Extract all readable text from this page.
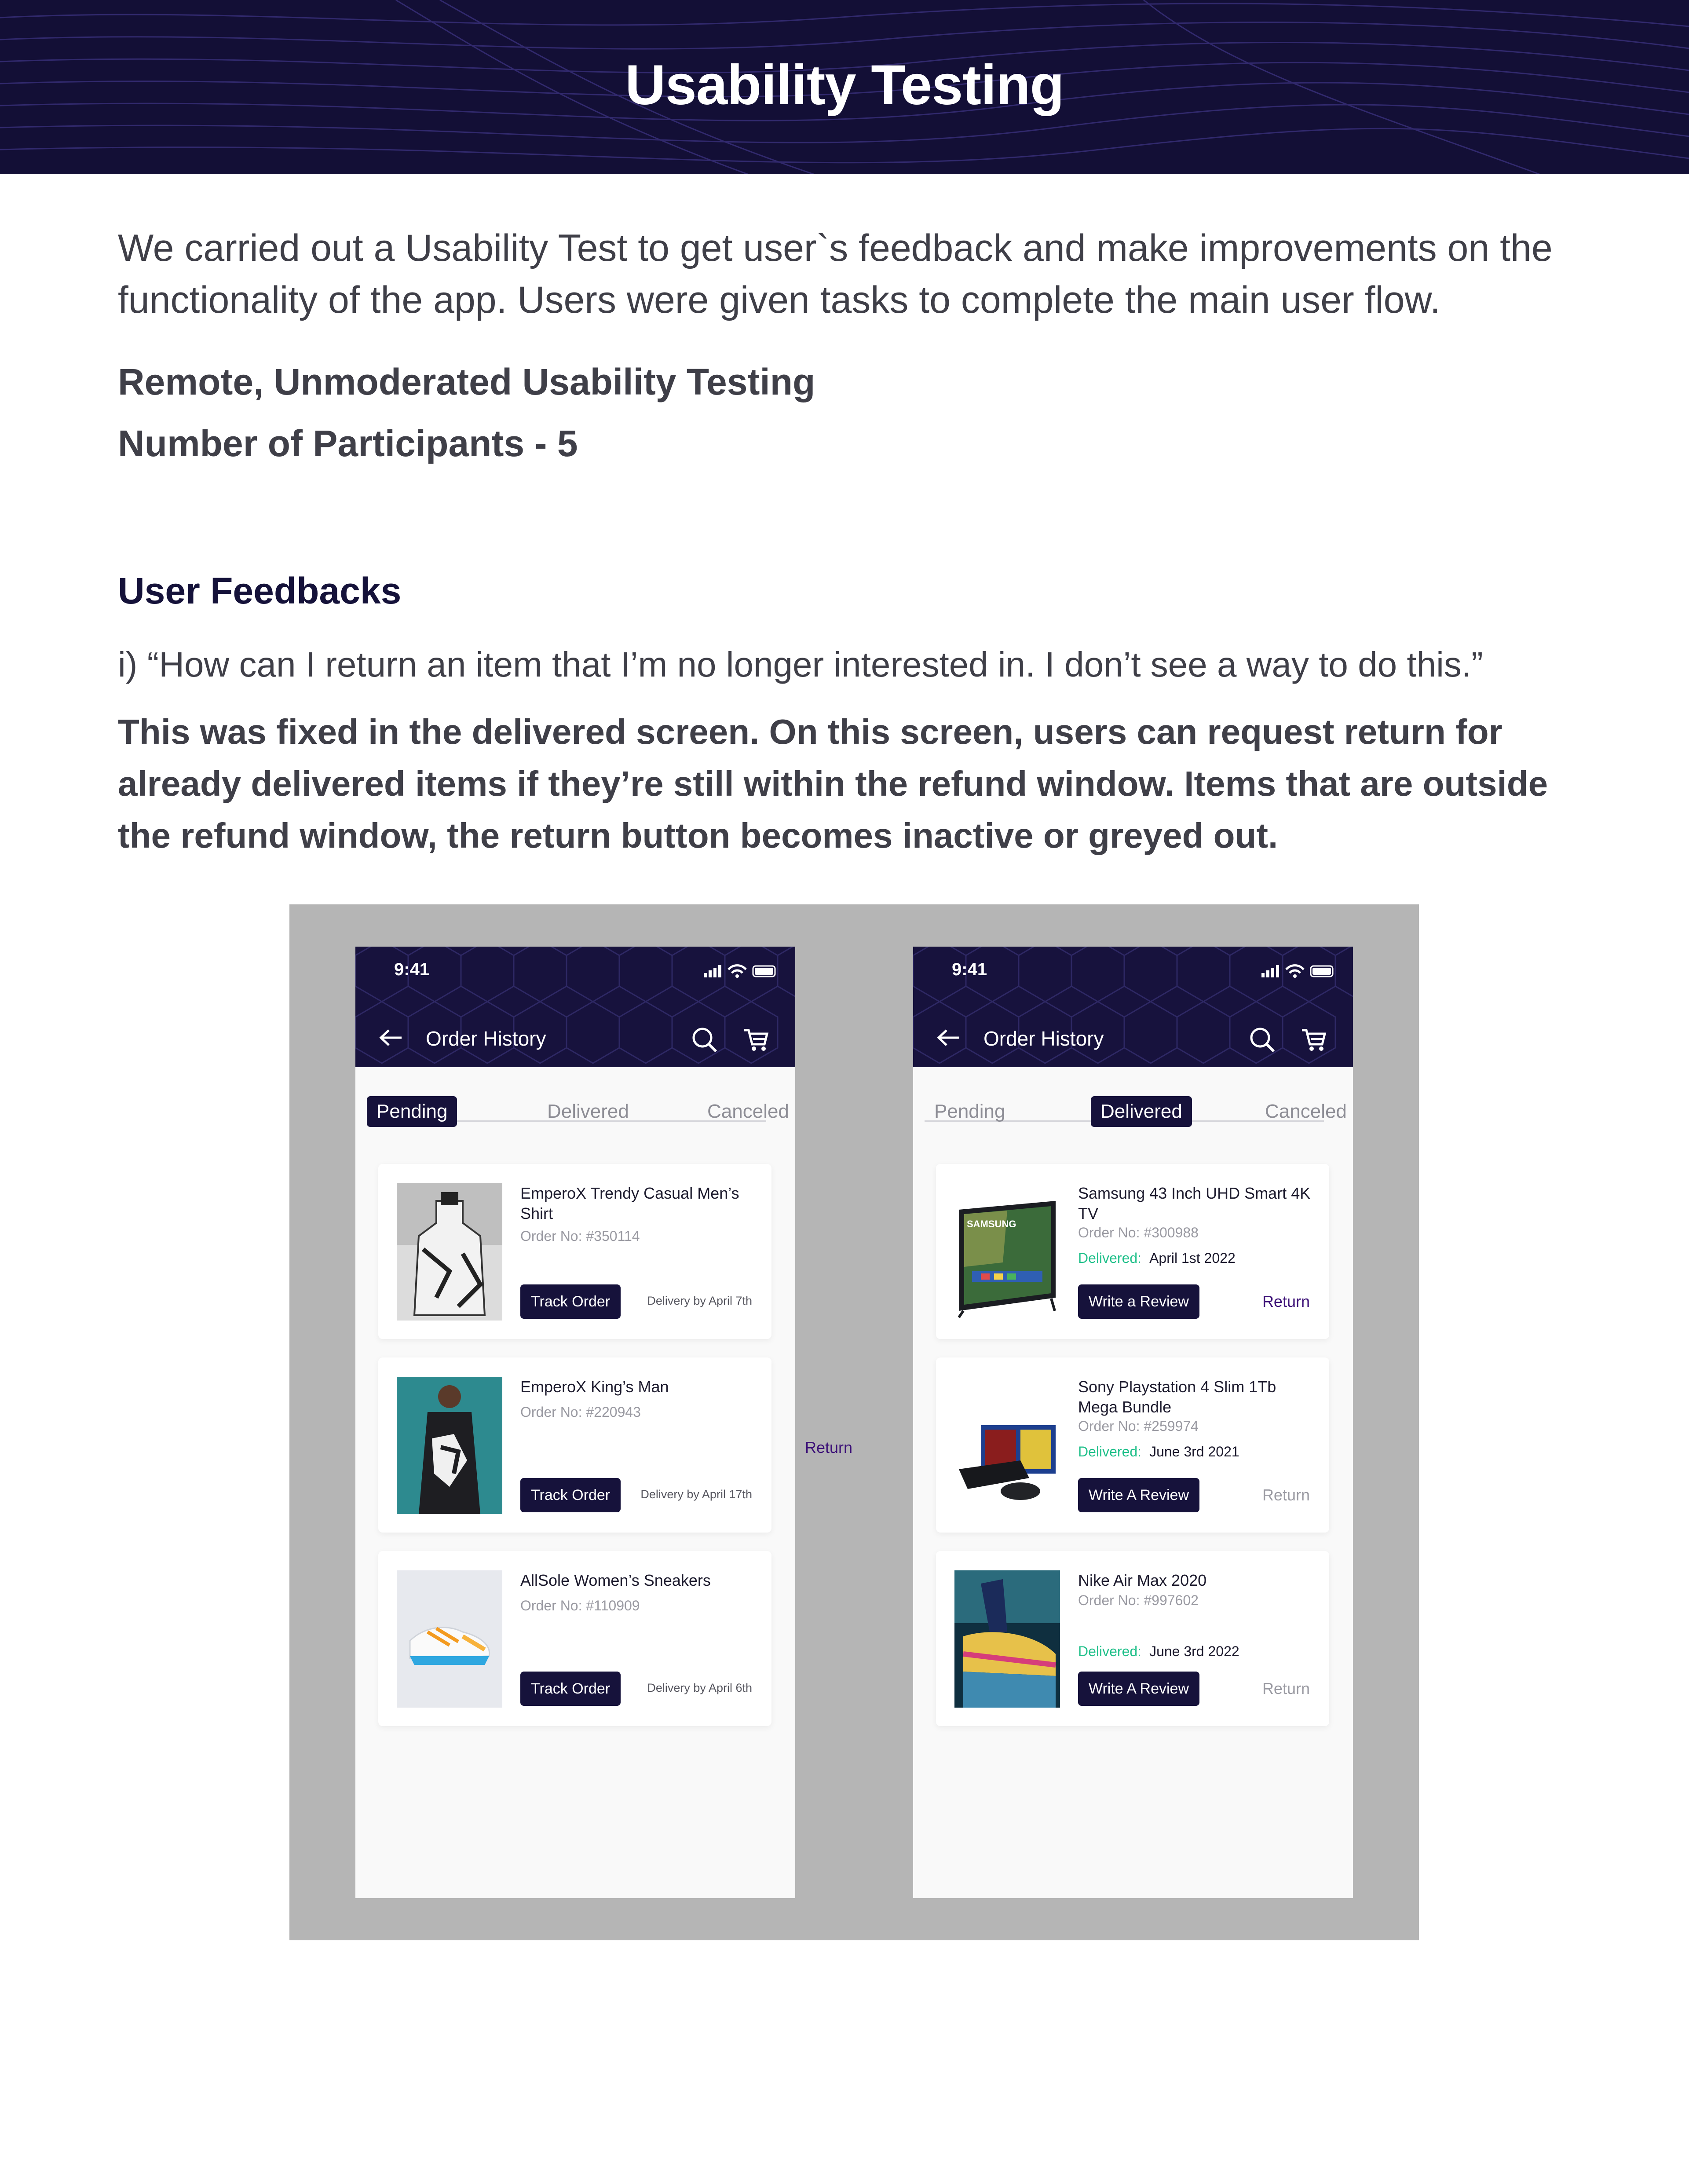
Usability Testing
We carried out a Usability Test to get user`s feedback and make improvements on the functionality of the app. Users were given tasks to complete the main user flow.
Remote, Unmoderated Usability Testing
Number of Participants - 5
User Feedbacks
i) “How can I return an item that I’m no longer interested in. I don’t see a way to do this.”
This was fixed in the delivered screen. On this screen, users can request return for already delivered items if they’re still within the refund window. Items that are outside the refund window, the return button becomes inactive or greyed out.
9:41
Order History
Pending	Delivered	Canceled
EmperoX Trendy Casual Men’s Shirt
Order No: #350114
Track Order	Delivery by April 7th
EmperoX King’s Man
Order No: #220943
Track Order	Delivery by April 17th
AllSole Women’s Sneakers
Order No: #110909
Track Order	Delivery by April 6th
9:41
Order History
Pending	Delivered	Canceled
SAMSUNG
Samsung 43 Inch UHD Smart 4K TV
Order No: #300988
Delivered: April 1st 2022
Write a Review	Return
Sony Playstation 4 Slim 1Tb Mega Bundle
Order No: #259974
Delivered: June 3rd 2021
Write A Review	Return
Nike Air Max 2020
Order No: #997602
Delivered: June 3rd 2022
Write A Review	Return
Return
